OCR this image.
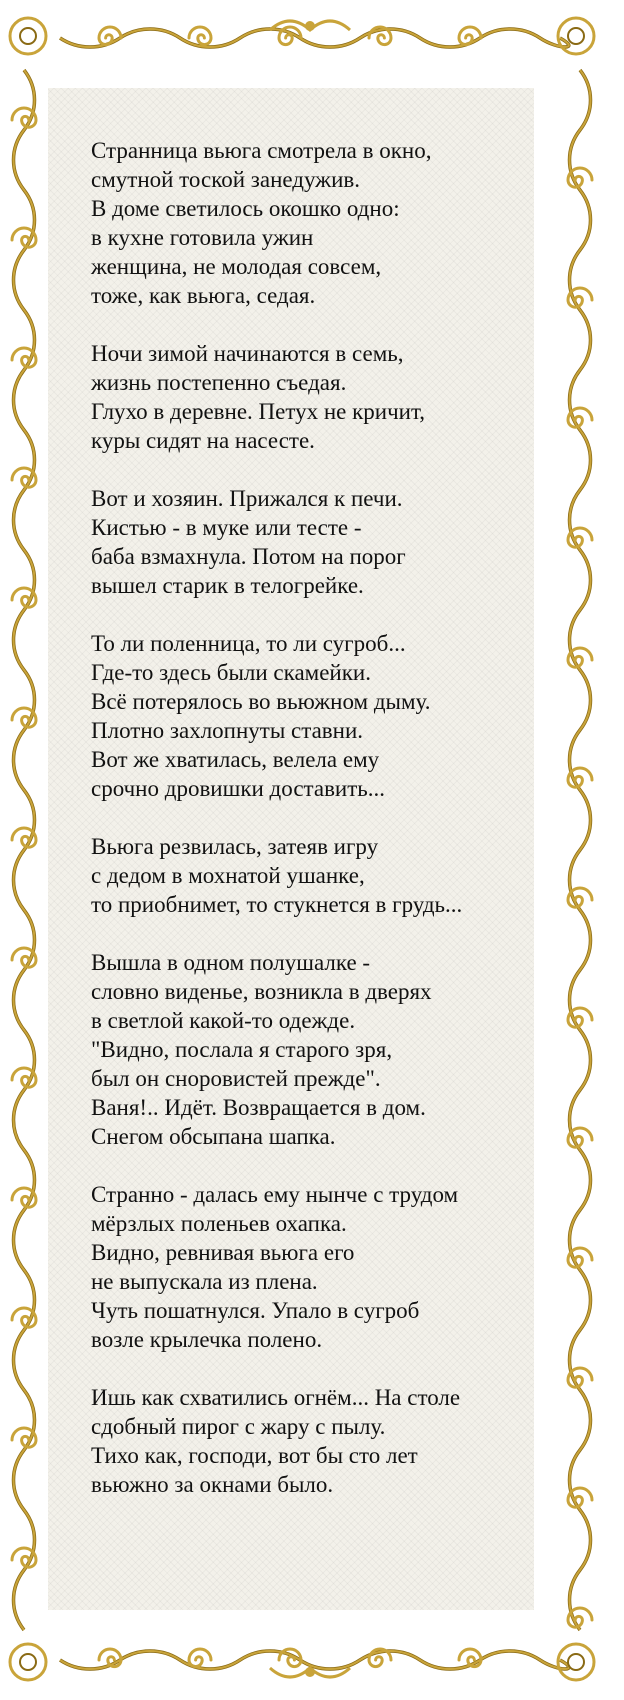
Странница вьюга смотрела в окно,
смутной тоской занедужив.
В доме светилось окошко одно:
в кухне готовила ужин
женщина, не молодая совсем,
тоже, как вьюга, седая.
Ночи зимой начинаются в семь,
жизнь постепенно съедая.
Глухо в деревне. Петух не кричит,
куры сидят на насесте.
Вот и хозяин. Прижался к печи.
Кистью - в муке или тесте -
баба взмахнула. Потом на порог
вышел старик в телогрейке.
То ли поленница, то ли сугроб...
Где-то здесь были скамейки.
Всё потерялось во вьюжном дыму.
Плотно захлопнуты ставни.
Вот же хватилась, велела ему
срочно дровишки доставить...
Вьюга резвилась, затеяв игру
с дедом в мохнатой ушанке,
то приобнимет, то стукнется в грудь...
Вышла в одном полушалке -
словно виденье, возникла в дверях
в светлой какой-то одежде.
"Видно, послала я старого зря,
был он сноровистей прежде".
Ваня!.. Идёт. Возвращается в дом.
Снегом обсыпана шапка.
Странно - далась ему нынче с трудом
мёрзлых поленьев охапка.
Видно, ревнивая вьюга его
не выпускала из плена.
Чуть пошатнулся. Упало в сугроб
возле крылечка полено.
Ишь как схватились огнём... На столе
сдобный пирог с жару с пылу.
Тихо как, господи, вот бы сто лет
вьюжно за окнами было.
